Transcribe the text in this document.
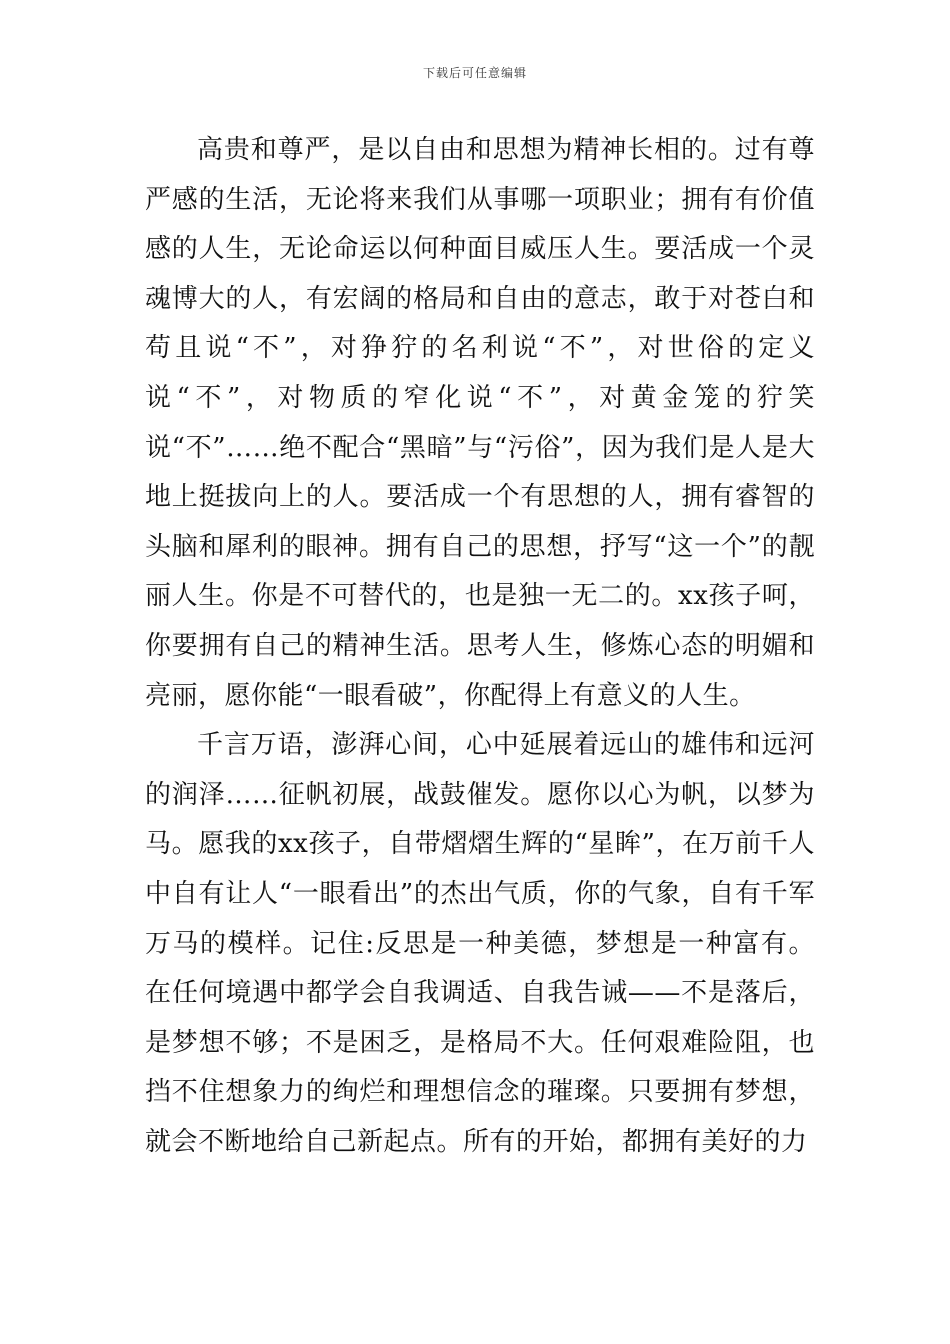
下载后可任意编辑

高贵和尊严，是以自由和思想为精神长相的。过有尊严感的生活，无论将来我们从事哪一项职业；拥有有价值感的人生，无论命运以何种面目威压人生。要活成一个灵魂博大的人，有宏阔的格局和自由的意志，敢于对苍白和苟且说“不”，对狰狞的名利说“不”，对世俗的定义说“不”，对物质的窄化说“不”，对黄金笼的狞笑说“不”……绝不配合“黑暗”与“污俗”，因为我们是人是大地上挺拔向上的人。要活成一个有思想的人，拥有睿智的头脑和犀利的眼神。拥有自己的思想，抒写“这一个”的靓丽人生。你是不可替代的，也是独一无二的。xx孩子呵，你要拥有自己的精神生活。思考人生，修炼心态的明媚和亮丽，愿你能“一眼看破”，你配得上有意义的人生。

千言万语，澎湃心间，心中延展着远山的雄伟和远河的润泽……征帆初展，战鼓催发。愿你以心为帆，以梦为马。愿我的xx孩子，自带熠熠生辉的“星眸”，在万前千人中自有让人“一眼看出”的杰出气质，你的气象，自有千军万马的模样。记住:反思是一种美德，梦想是一种富有。在任何境遇中都学会自我调适、自我告诫——不是落后，是梦想不够；不是困乏，是格局不大。任何艰难险阻，也挡不住想象力的绚烂和理想信念的璀璨。只要拥有梦想，就会不断地给自己新起点。所有的开始，都拥有美好的力
